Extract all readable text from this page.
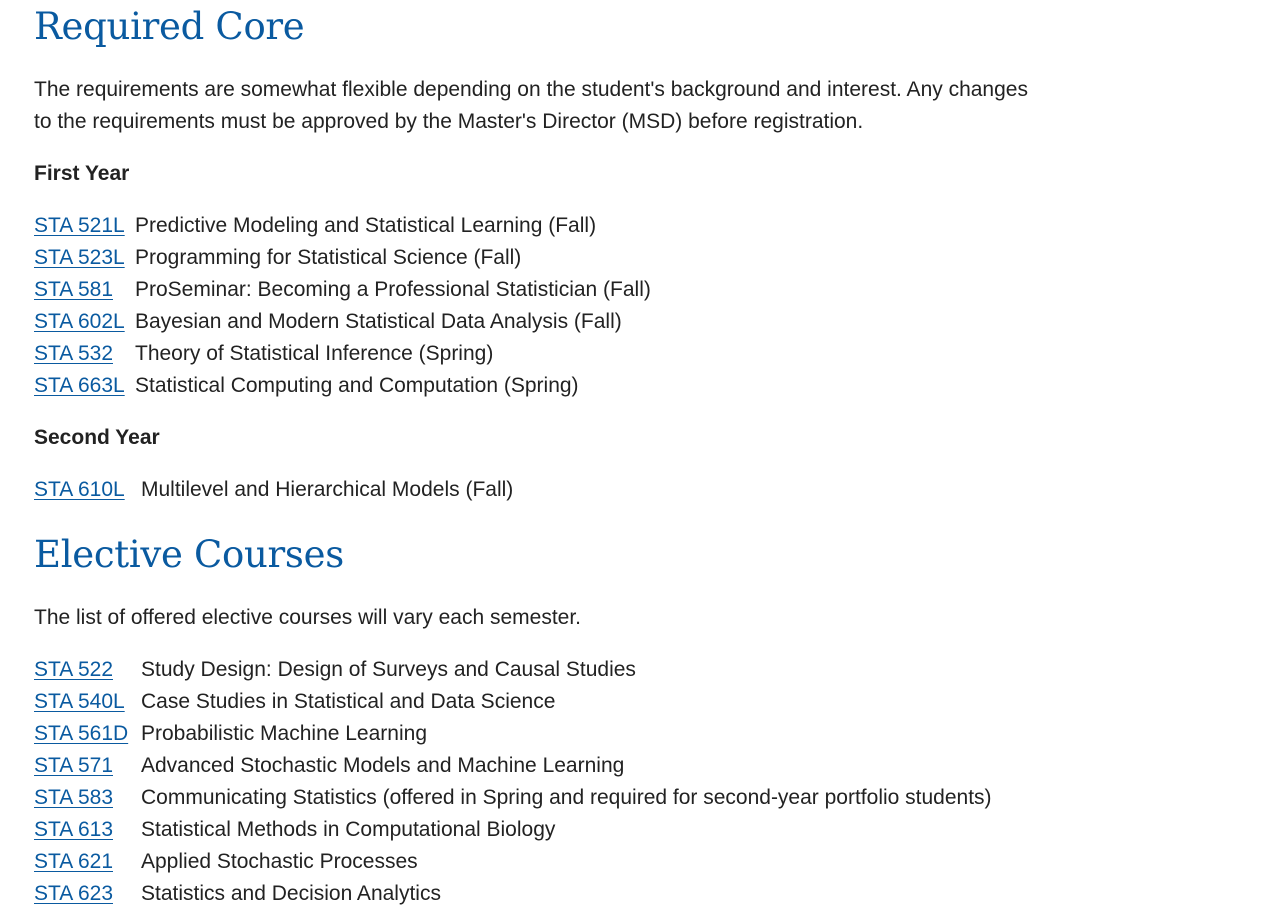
Required Core

The requirements are somewhat flexible depending on the student's background and interest. Any changes to the requirements must be approved by the Master's Director (MSD) before registration.

First Year
STA 521L Predictive Modeling and Statistical Learning (Fall)
STA 523L Programming for Statistical Science (Fall)
STA 581	ProSeminar: Becoming a Professional Statistician (Fall)
STA 602L Bayesian and Modern Statistical Data Analysis (Fall)
STA 532	Theory of Statistical Inference (Spring)
STA 663L Statistical Computing and Computation (Spring)
Second Year
STA 610L Multilevel and Hierarchical Models (Fall)
Elective Courses

The list of offered elective courses will vary each semester.

STA 522	Study Design: Design of Surveys and Causal Studies
STA 540L Case Studies in Statistical and Data Science
STA 561D Probabilistic Machine Learning
STA 571	Advanced Stochastic Models and Machine Learning
STA 583	Communicating Statistics (offered in Spring and required for second-year portfolio students)
STA 613	Statistical Methods in Computational Biology
STA 621	Applied Stochastic Processes
STA 623	Statistics and Decision Analytics
